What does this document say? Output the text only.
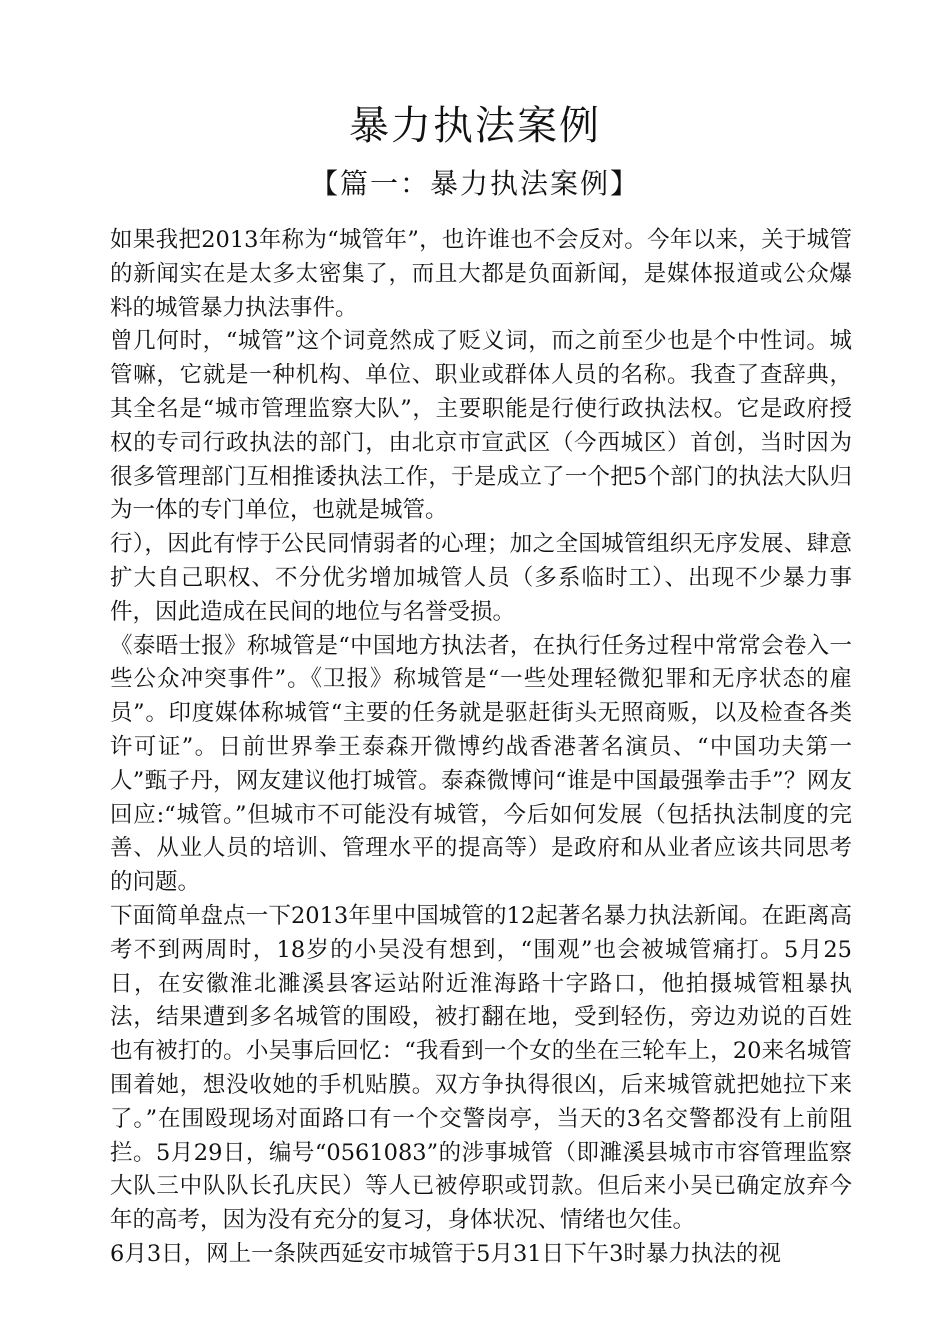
暴力执法案例
【篇一：暴力执法案例】

如果我把2013年称为“城管年”，也许谁也不会反对。今年以来，关于城管的新闻实在是太多太密集了，而且大都是负面新闻，是媒体报道或公众爆料的城管暴力执法事件。

曾几何时，“城管”这个词竟然成了贬义词，而之前至少也是个中性词。城管嘛，它就是一种机构、单位、职业或群体人员的名称。我查了查辞典，其全名是“城市管理监察大队”，主要职能是行使行政执法权。它是政府授权的专司行政执法的部门，由北京市宣武区（今西城区）首创，当时因为很多管理部门互相推诿执法工作，于是成立了一个把5个部门的执法大队归为一体的专门单位，也就是城管。

行），因此有悖于公民同情弱者的心理；加之全国城管组织无序发展、肆意扩大自己职权、不分优劣增加城管人员（多系临时工）、出现不少暴力事件，因此造成在民间的地位与名誉受损。

《泰晤士报》称城管是“中国地方执法者，在执行任务过程中常常会卷入一些公众冲突事件”。《卫报》称城管是“一些处理轻微犯罪和无序状态的雇员”。印度媒体称城管“主要的任务就是驱赶街头无照商贩，以及检查各类许可证”。日前世界拳王泰森开微博约战香港著名演员、“中国功夫第一人”甄子丹，网友建议他打城管。泰森微博问“谁是中国最强拳击手”？网友回应:“城管。”但城市不可能没有城管，今后如何发展（包括执法制度的完善、从业人员的培训、管理水平的提高等）是政府和从业者应该共同思考的问题。

下面简单盘点一下2013年里中国城管的12起著名暴力执法新闻。在距离高考不到两周时，18岁的小吴没有想到，“围观”也会被城管痛打。5月25日，在安徽淮北濉溪县客运站附近淮海路十字路口，他拍摄城管粗暴执法，结果遭到多名城管的围殴，被打翻在地，受到轻伤，旁边劝说的百姓也有被打的。小吴事后回忆：“我看到一个女的坐在三轮车上，20来名城管围着她，想没收她的手机贴膜。双方争执得很凶，后来城管就把她拉下来了。”在围殴现场对面路口有一个交警岗亭，当天的3名交警都没有上前阻拦。5月29日，编号“0561083”的涉事城管（即濉溪县城市市容管理监察大队三中队队长孔庆民）等人已被停职或罚款。但后来小吴已确定放弃今年的高考，因为没有充分的复习，身体状况、情绪也欠佳。

6月3日，网上一条陕西延安市城管于5月31日下午3时暴力执法的视
